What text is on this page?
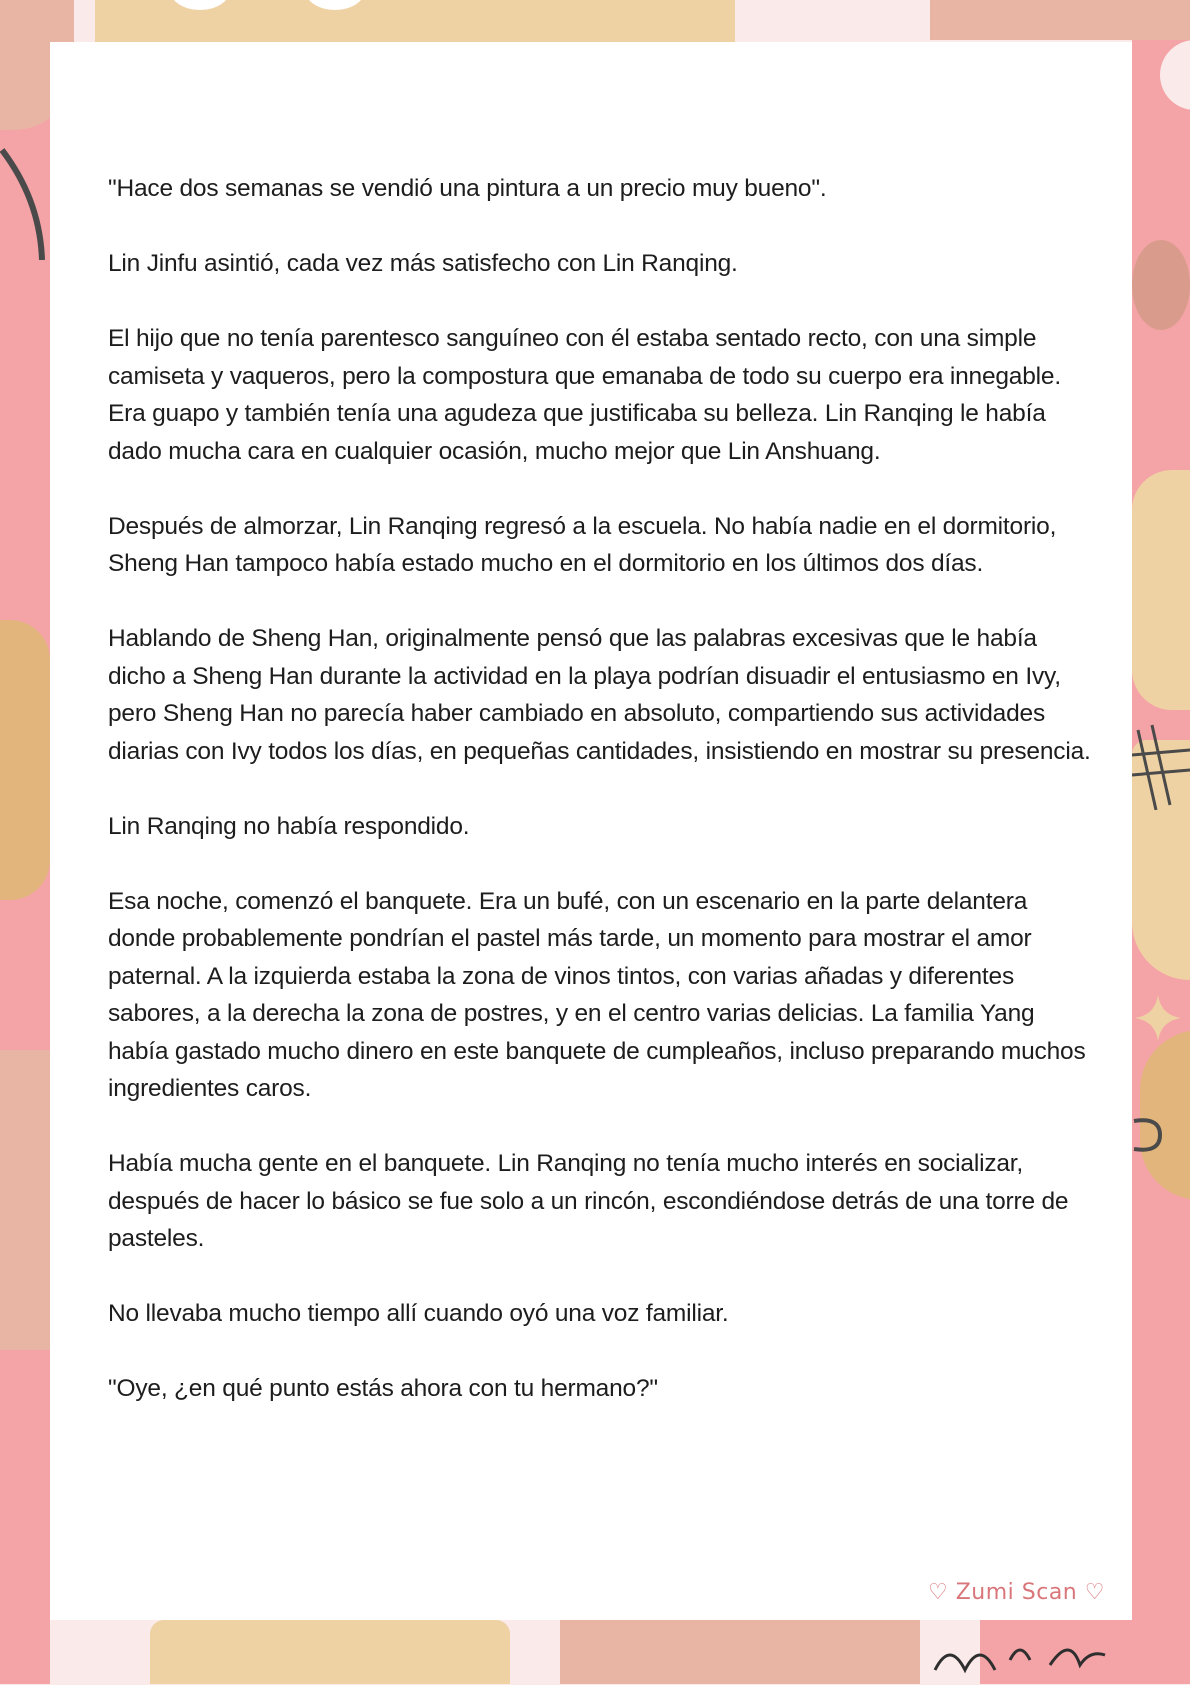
"Hace dos semanas se vendió una pintura a un precio muy bueno".

Lin Jinfu asintió, cada vez más satisfecho con Lin Ranqing.

El hijo que no tenía parentesco sanguíneo con él estaba sentado recto, con una simple camiseta y vaqueros, pero la compostura que emanaba de todo su cuerpo era innegable. Era guapo y también tenía una agudeza que justificaba su belleza. Lin Ranqing le había dado mucha cara en cualquier ocasión, mucho mejor que Lin Anshuang.

Después de almorzar, Lin Ranqing regresó a la escuela. No había nadie en el dormitorio, Sheng Han tampoco había estado mucho en el dormitorio en los últimos dos días.

Hablando de Sheng Han, originalmente pensó que las palabras excesivas que le había dicho a Sheng Han durante la actividad en la playa podrían disuadir el entusiasmo en Ivy, pero Sheng Han no parecía haber cambiado en absoluto, compartiendo sus actividades diarias con Ivy todos los días, en pequeñas cantidades, insistiendo en mostrar su presencia.

Lin Ranqing no había respondido.

Esa noche, comenzó el banquete. Era un bufé, con un escenario en la parte delantera donde probablemente pondrían el pastel más tarde, un momento para mostrar el amor paternal. A la izquierda estaba la zona de vinos tintos, con varias añadas y diferentes sabores, a la derecha la zona de postres, y en el centro varias delicias. La familia Yang había gastado mucho dinero en este banquete de cumpleaños, incluso preparando muchos ingredientes caros.

Había mucha gente en el banquete. Lin Ranqing no tenía mucho interés en socializar, después de hacer lo básico se fue solo a un rincón, escondiéndose detrás de una torre de pasteles.

No llevaba mucho tiempo allí cuando oyó una voz familiar.

"Oye, ¿en qué punto estás ahora con tu hermano?"

♡ Zumi Scan ♡
